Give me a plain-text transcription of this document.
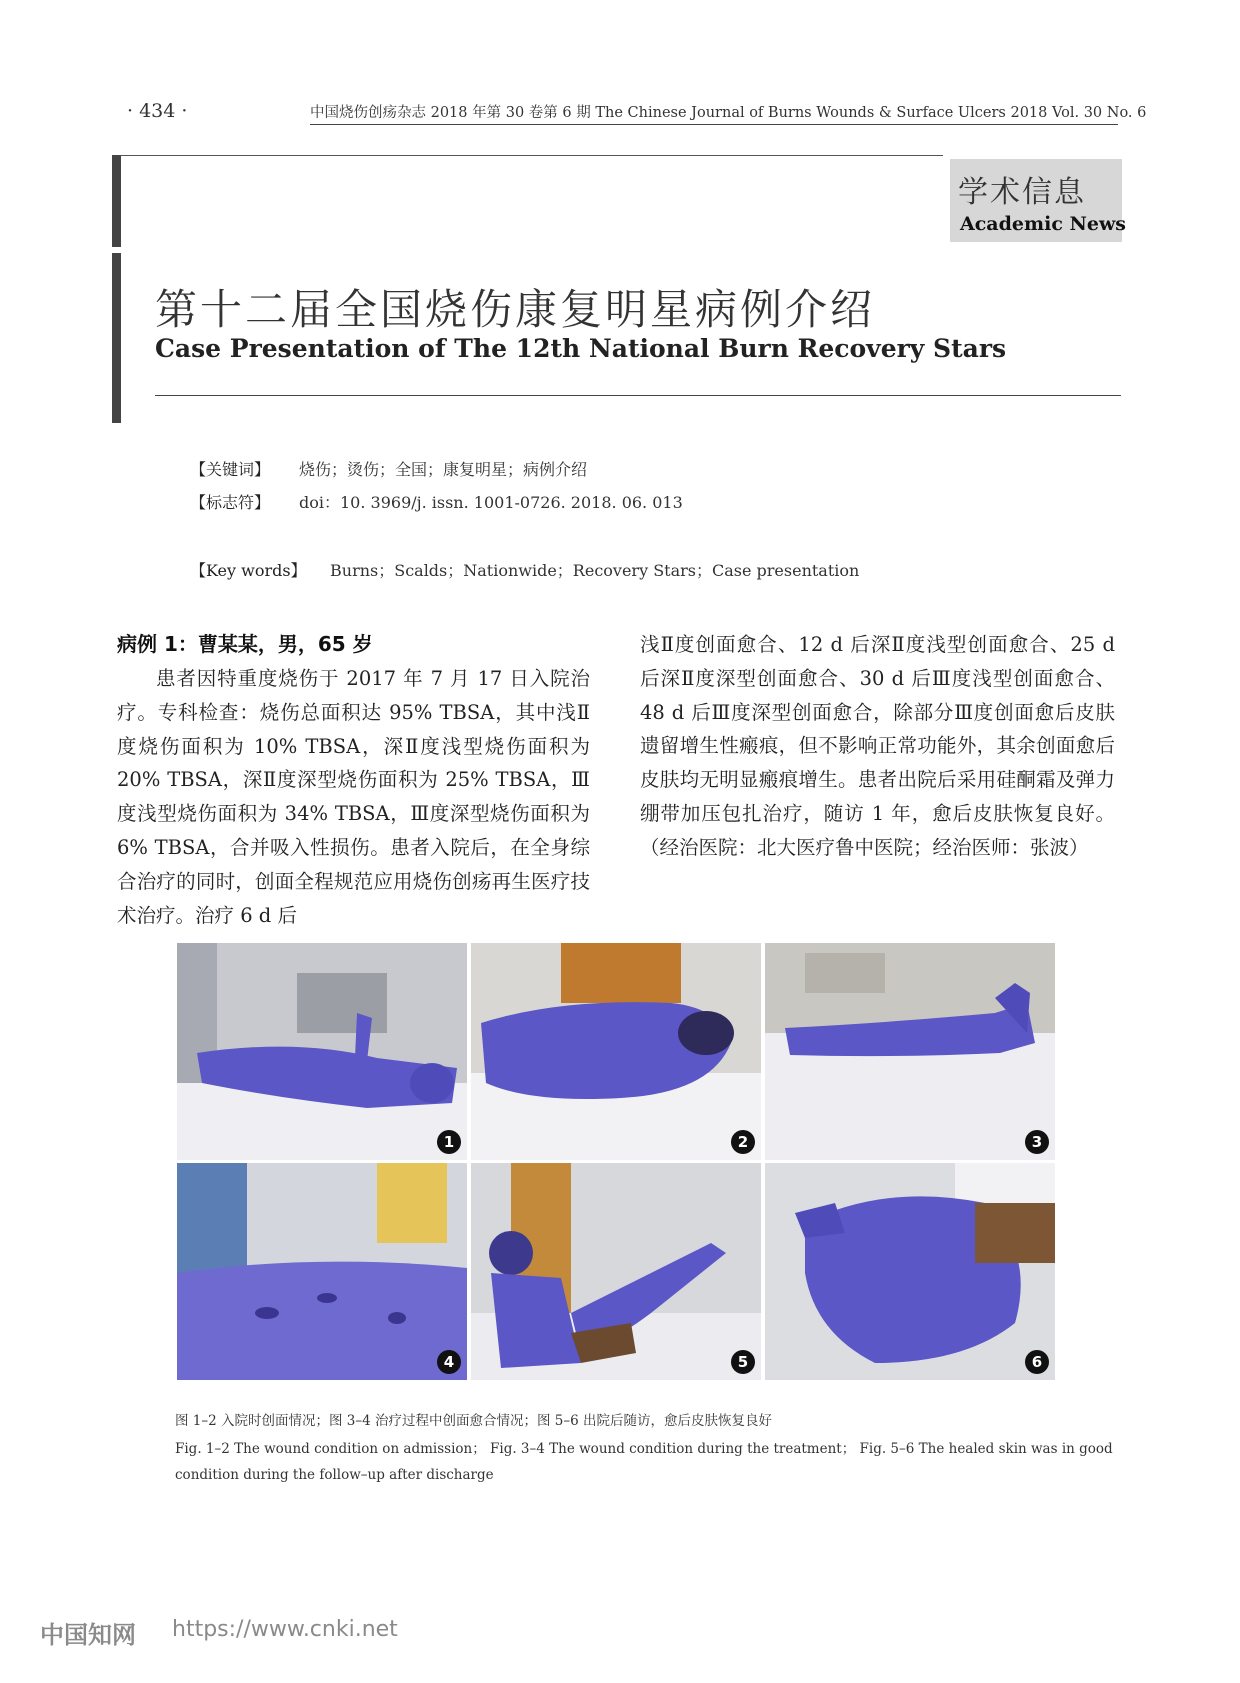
· 434 ·	中国烧伤创疡杂志 2018 年第 30 卷第 6 期 The Chinese Journal of Burns Wounds & Surface Ulcers 2018 Vol. 30 No. 6
学术信息
Academic News
第十二届全国烧伤康复明星病例介绍
Case Presentation of The 12th National Burn Recovery Stars
【关键词】 烧伤；烫伤；全国；康复明星；病例介绍
【标志符】 doi：10. 3969/j. issn. 1001-0726. 2018. 06. 013
【Key words】 Burns；Scalds；Nationwide；Recovery Stars；Case presentation
病例 1：曹某某，男，65 岁

患者因特重度烧伤于 2017 年 7 月 17 日入院治疗。专科检查：烧伤总面积达 95% TBSA，其中浅Ⅱ度烧伤面积为 10% TBSA，深Ⅱ度浅型烧伤面积为 20% TBSA，深Ⅱ度深型烧伤面积为 25% TBSA，Ⅲ度浅型烧伤面积为 34% TBSA，Ⅲ度深型烧伤面积为 6% TBSA，合并吸入性损伤。患者入院后，在全身综合治疗的同时，创面全程规范应用烧伤创疡再生医疗技术治疗。治疗 6 d 后

浅Ⅱ度创面愈合、12 d 后深Ⅱ度浅型创面愈合、25 d 后深Ⅱ度深型创面愈合、30 d 后Ⅲ度浅型创面愈合、48 d 后Ⅲ度深型创面愈合，除部分Ⅲ度创面愈后皮肤遗留增生性瘢痕，但不影响正常功能外，其余创面愈后皮肤均无明显瘢痕增生。患者出院后采用硅酮霜及弹力绷带加压包扎治疗，随访 1 年，愈后皮肤恢复良好。（经治医院：北大医疗鲁中医院；经治医师：张波）

1	2	3
4	5	6
图 1–2 入院时创面情况；图 3–4 治疗过程中创面愈合情况；图 5–6 出院后随访，愈后皮肤恢复良好
Fig. 1–2 The wound condition on admission； Fig. 3–4 The wound condition during the treatment； Fig. 5–6 The healed skin was in good
condition during the follow–up after discharge
中国知网 https://www.cnki.net
